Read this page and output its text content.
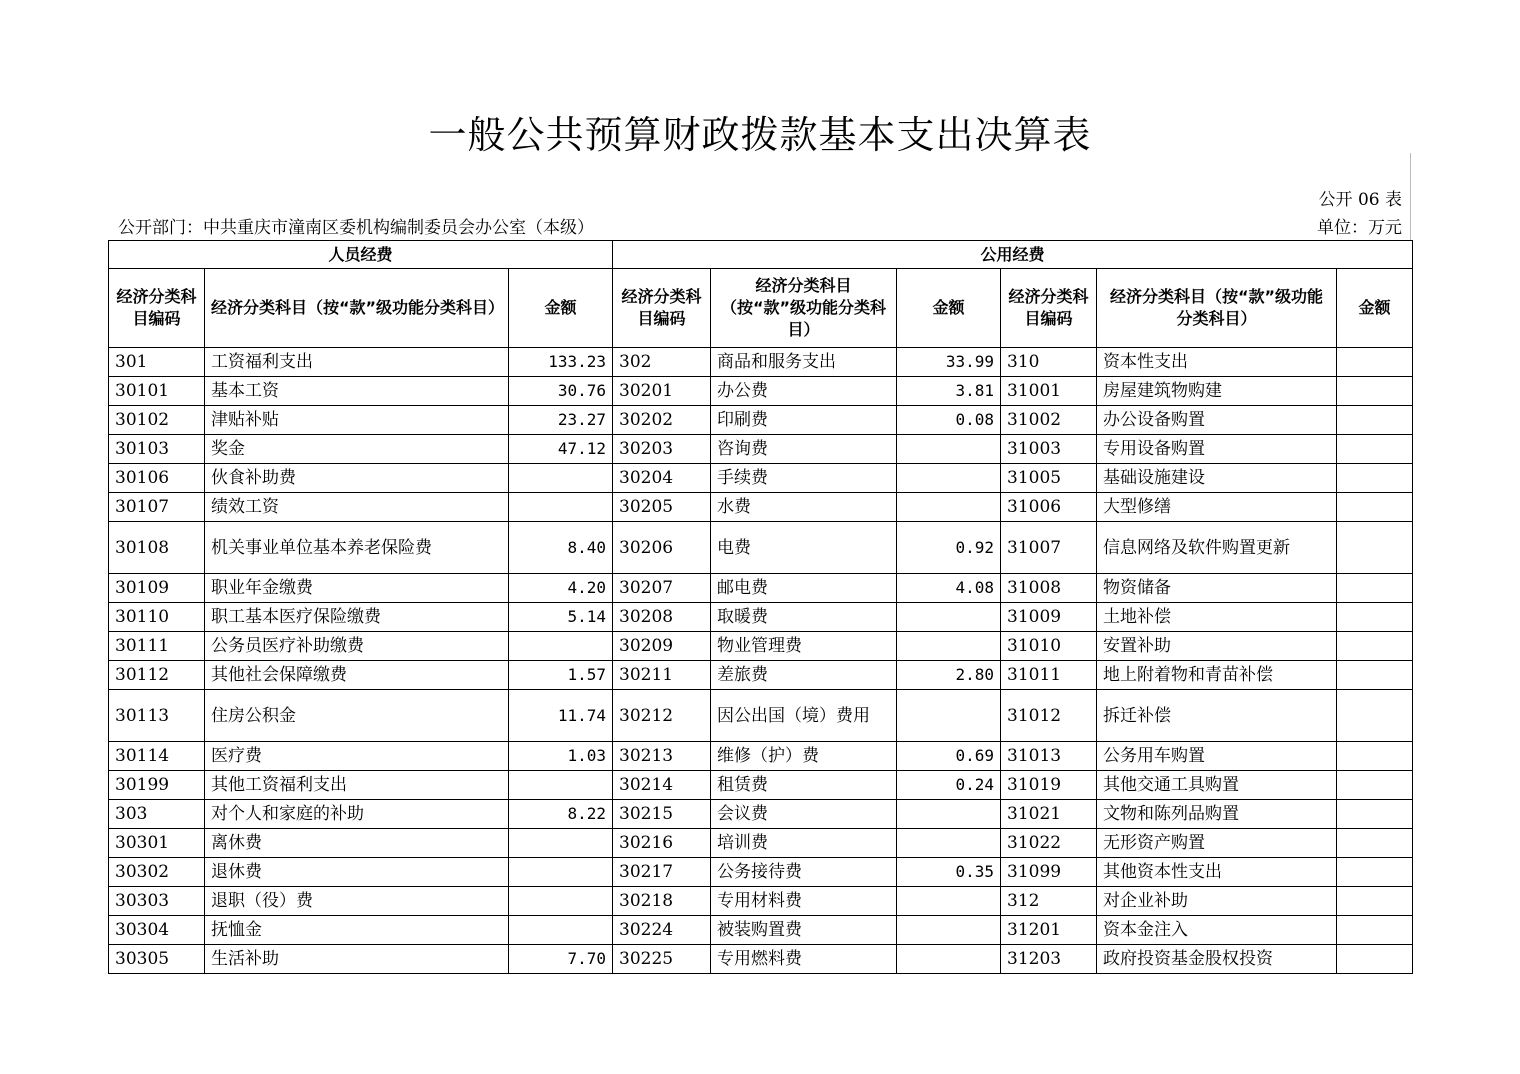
一般公共预算财政拨款基本支出决算表
公开 06 表
公开部门：中共重庆市潼南区委机构编制委员会办公室（本级）	单位：万元
人员经费			公用经费					
经济分类科目编码	经济分类科目（按“款”级功能分类科目）	金额	经济分类科目编码	经济分类科目（按“款”级功能分类科目）	金额	经济分类科目编码	经济分类科目（按“款”级功能分类科目）	金额
301	工资福利支出	133.23	302	商品和服务支出	33.99	310	资本性支出	
30101	基本工资	30.76	30201	办公费	3.81	31001	房屋建筑物购建	
30102	津贴补贴	23.27	30202	印刷费	0.08	31002	办公设备购置	
30103	奖金	47.12	30203	咨询费		31003	专用设备购置	
30106	伙食补助费		30204	手续费		31005	基础设施建设	
30107	绩效工资		30205	水费		31006	大型修缮	
30108	机关事业单位基本养老保险费	8.40	30206	电费	0.92	31007	信息网络及软件购置更新	
30109	职业年金缴费	4.20	30207	邮电费	4.08	31008	物资储备	
30110	职工基本医疗保险缴费	5.14	30208	取暖费		31009	土地补偿	
30111	公务员医疗补助缴费		30209	物业管理费		31010	安置补助	
30112	其他社会保障缴费	1.57	30211	差旅费	2.80	31011	地上附着物和青苗补偿	
30113	住房公积金	11.74	30212	因公出国（境）费用		31012	拆迁补偿	
30114	医疗费	1.03	30213	维修（护）费	0.69	31013	公务用车购置	
30199	其他工资福利支出		30214	租赁费	0.24	31019	其他交通工具购置	
303	对个人和家庭的补助	8.22	30215	会议费		31021	文物和陈列品购置	
30301	离休费		30216	培训费		31022	无形资产购置	
30302	退休费		30217	公务接待费	0.35	31099	其他资本性支出	
30303	退职（役）费		30218	专用材料费		312	对企业补助	
30304	抚恤金		30224	被装购置费		31201	资本金注入	
30305	生活补助	7.70	30225	专用燃料费		31203	政府投资基金股权投资	
